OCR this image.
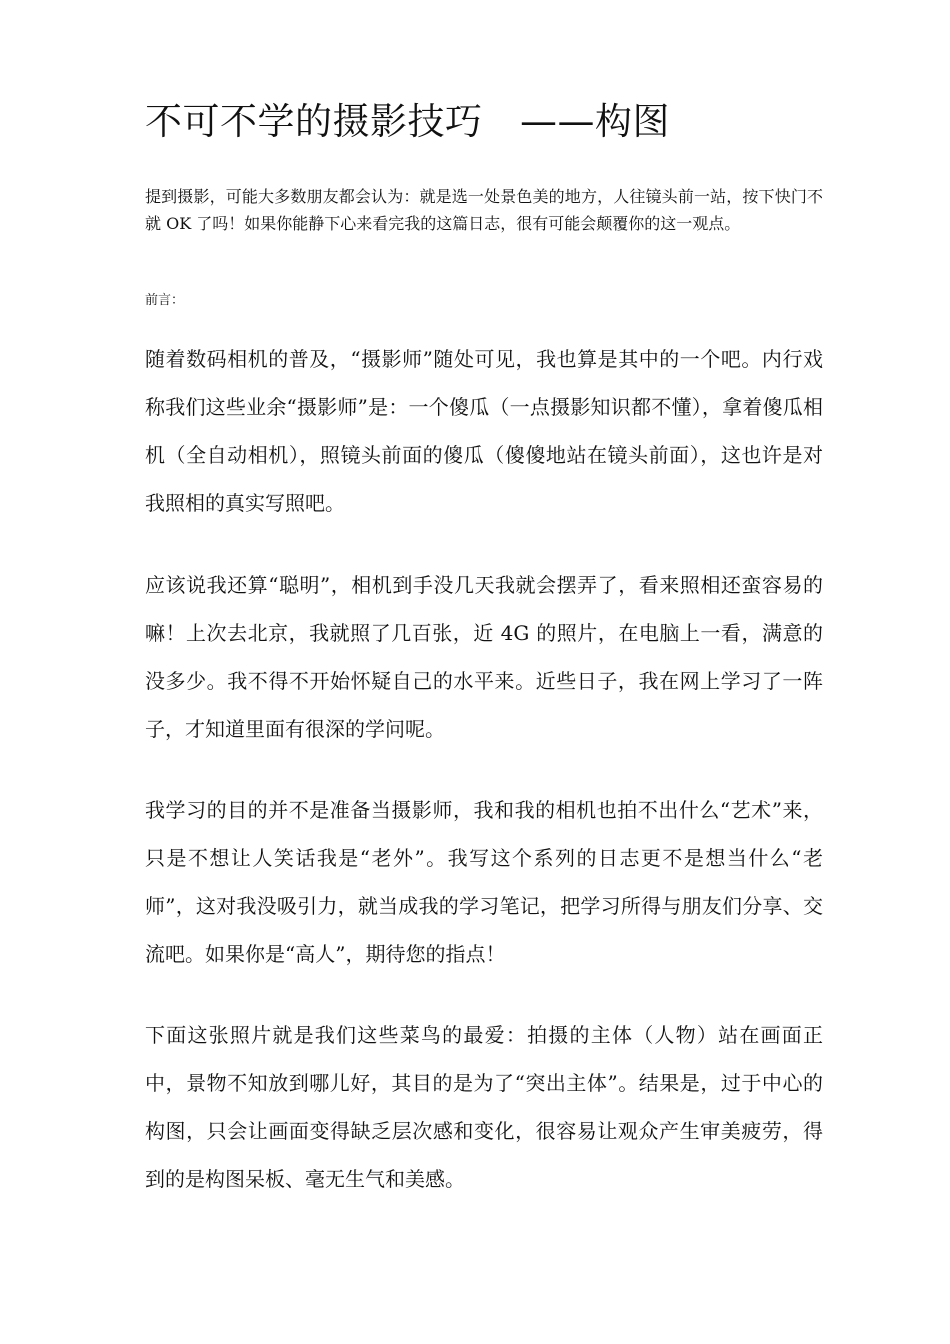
不可不学的摄影技巧　——构图
提到摄影，可能大多数朋友都会认为：就是选一处景色美的地方，人往镜头前一站，按下快门不就 OK 了吗！如果你能静下心来看完我的这篇日志，很有可能会颠覆你的这一观点。
前言：

随着数码相机的普及，“摄影师”随处可见，我也算是其中的一个吧。内行戏称我们这些业余“摄影师”是：一个傻瓜（一点摄影知识都不懂），拿着傻瓜相机（全自动相机），照镜头前面的傻瓜（傻傻地站在镜头前面），这也许是对我照相的真实写照吧。

应该说我还算“聪明”，相机到手没几天我就会摆弄了，看来照相还蛮容易的嘛！上次去北京，我就照了几百张，近 4G 的照片，在电脑上一看，满意的没多少。我不得不开始怀疑自己的水平来。近些日子，我在网上学习了一阵子，才知道里面有很深的学问呢。

我学习的目的并不是准备当摄影师，我和我的相机也拍不出什么“艺术”来，只是不想让人笑话我是“老外”。我写这个系列的日志更不是想当什么“老师”，这对我没吸引力，就当成我的学习笔记，把学习所得与朋友们分享、交流吧。如果你是“高人”，期待您的指点！

下面这张照片就是我们这些菜鸟的最爱：拍摄的主体（人物）站在画面正中，景物不知放到哪儿好，其目的是为了“突出主体”。结果是，过于中心的构图，只会让画面变得缺乏层次感和变化，很容易让观众产生审美疲劳，得到的是构图呆板、毫无生气和美感。
